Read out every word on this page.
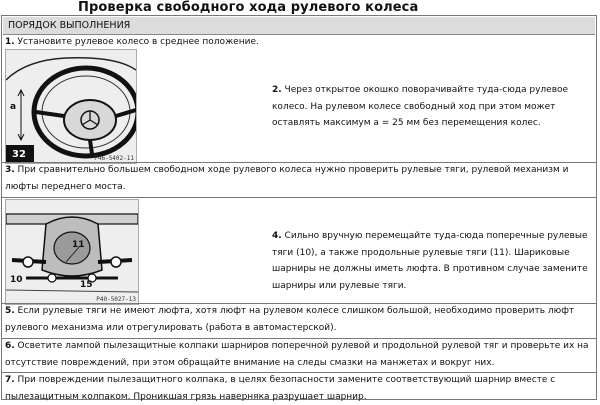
Проверка свободного хода рулевого колеса
ПОРЯДОК ВЫПОЛНЕНИЯ
1. Установите рулевое колесо в среднее положение.
a
32	P46-5402-11
2. Через открытое окошко поворачивайте туда-сюда рулевое колесо. На рулевом колесе свободный ход при этом может оставлять максимум а = 25 мм без перемещения колес.
3. При сравнительно большем свободном ходе рулевого колеса нужно проверить рулевые тяги, рулевой механизм и люфты переднего моста.
11
10	15
P40-5027-13
4. Сильно вручную перемещайте туда-сюда поперечные рулевые тяги (10), а также продольные рулевые тяги (11). Шариковые шарниры не должны иметь люфта. В противном случае замените шарниры или рулевые тяги.
5. Если рулевые тяги не имеют люфта, хотя люфт на рулевом колесе слишком большой, необходимо проверить люфт рулевого механизма или отрегулировать (работа в автомастерской).
6. Осветите лампой пылезащитные колпаки шарниров поперечной рулевой и продольной рулевой тяг и проверьте их на отсутствие повреждений, при этом обращайте внимание на следы смазки на манжетах и вокруг них.
7. При повреждении пылезащитного колпака, в целях безопасности замените соответствующий шарнир вместе с пылезащитным колпаком. Проникшая грязь наверняка разрушает шарнир.
